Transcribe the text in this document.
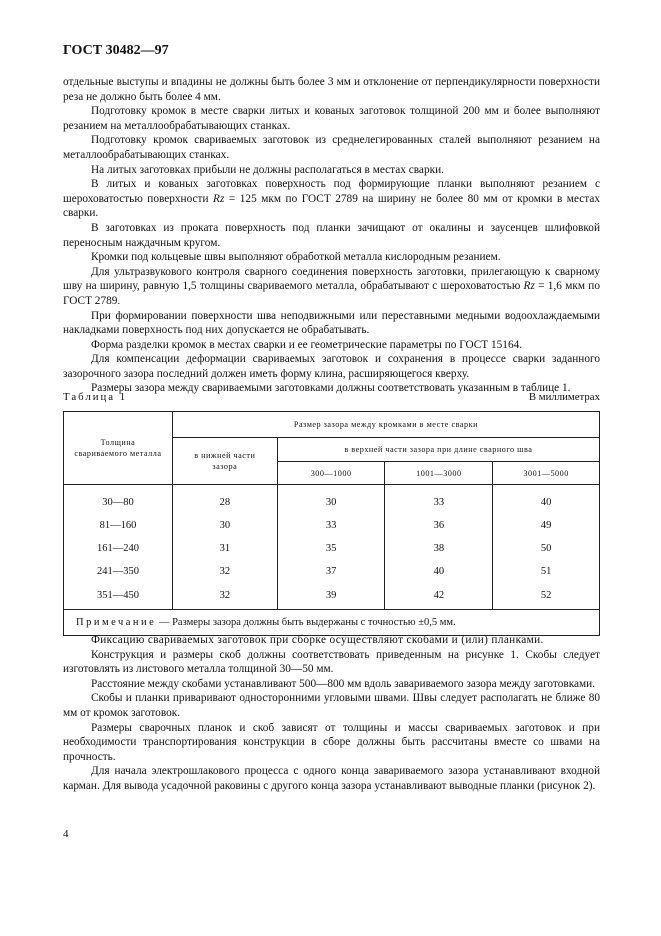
ГОСТ 30482—97

отдельные выступы и впадины не должны быть более 3 мм и отклонение от перпендикулярности поверхности реза не должно быть более 4 мм.

Подготовку кромок в месте сварки литых и кованых заготовок толщиной 200 мм и более выполняют резанием на металлообрабатывающих станках.

Подготовку кромок свариваемых заготовок из среднелегированных сталей выполняют резанием на металлообрабатывающих станках.

На литых заготовках прибыли не должны располагаться в местах сварки.

В литых и кованых заготовках поверхность под формирующие планки выполняют резанием с шероховатостью поверхности Rz = 125 мкм по ГОСТ 2789 на ширину не более 80 мм от кромки в местах сварки.

В заготовках из проката поверхность под планки зачищают от окалины и заусенцев шлифовкой переносным наждачным кругом.

Кромки под кольцевые швы выполняют обработкой металла кислородным резанием.

Для ультразвукового контроля сварного соединения поверхность заготовки, прилегающую к сварному шву на ширину, равную 1,5 толщины свариваемого металла, обрабатывают с шероховатостью Rz = 1,6 мкм по ГОСТ 2789.

При формировании поверхности шва неподвижными или переставными медными водоохлаждаемыми накладками поверхность под них допускается не обрабатывать.

Форма разделки кромок в местах сварки и ее геометрические параметры по ГОСТ 15164.

Для компенсации деформации свариваемых заготовок и сохранения в процессе сварки заданного зазорочного зазора последний должен иметь форму клина, расширяющегося кверху.

Размеры зазора между свариваемыми заготовками должны соответствовать указанным в таблице 1.

Таблица 1	В миллиметрах
Толщина свариваемого металла	Размер зазора между кромками в месте сварки			
	в нижней части зазора	в верхней части зазора при длине сварного шва		
		300—1000	1001—3000	3001—5000
30—80	28	30	33	40
81—160	30	33	36	49
161—240	31	35	38	50
241—350	32	37	40	51
351—450	32	39	42	52
Примечание — Размеры зазора должны быть выдержаны с точностью ±0,5 мм.				

Фиксацию свариваемых заготовок при сборке осуществляют скобами и (или) планками.

Конструкция и размеры скоб должны соответствовать приведенным на рисунке 1. Скобы следует изготовлять из листового металла толщиной 30—50 мм.

Расстояние между скобами устанавливают 500—800 мм вдоль завариваемого зазора между заготовками.

Скобы и планки приваривают односторонними угловыми швами. Швы следует располагать не ближе 80 мм от кромок заготовок.

Размеры сварочных планок и скоб зависят от толщины и массы свариваемых заготовок и при необходимости транспортирования конструкции в сборе должны быть рассчитаны вместе со швами на прочность.

Для начала электрошлакового процесса с одного конца завариваемого зазора устанавливают входной карман. Для вывода усадочной раковины с другого конца зазора устанавливают выводные планки (рисунок 2).

4
